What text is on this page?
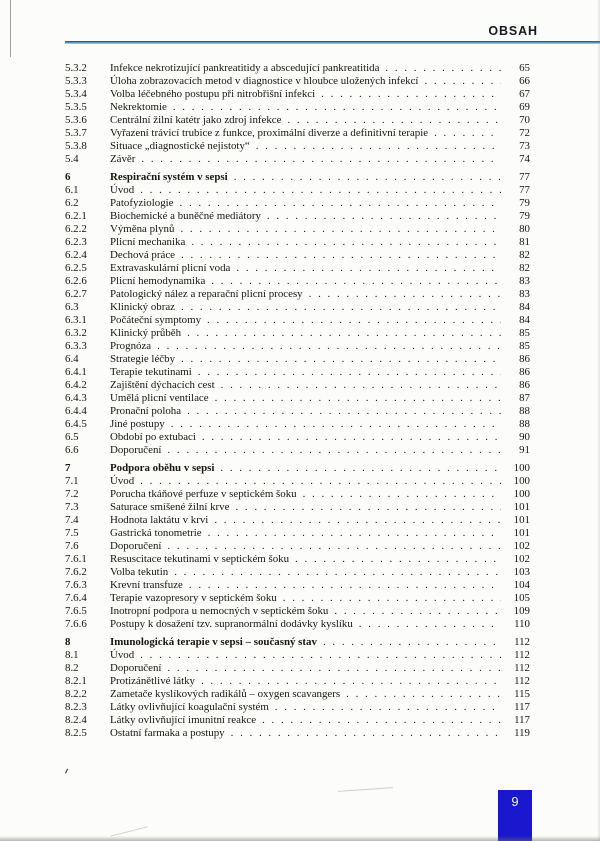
OBSAH
5.3.2	Infekce nekrotizující pankreatitidy a abscedující pankreatitida . . .	65
5.3.3	Úloha zobrazovacích metod v diagnostice v hloubce uložených infekcí . . .	66
5.3.4	Volba léčebného postupu při nitrobřišní infekci . . .	67
5.3.5	Nekrektomie . . .	69
5.3.6	Centrální žilní katétr jako zdroj infekce . . .	70
5.3.7	Vyřazení trávicí trubice z funkce, proximální diverze a definitivní terapie . . .	72
5.3.8	Situace „diagnostické nejistoty“ . . .	73
5.4	Závěr . . .	74
6	Respirační systém v sepsi . . .	77
6.1	Úvod . . .	77
6.2	Patofyziologie . . .	79
6.2.1	Biochemické a buněčné mediátory . . .	79
6.2.2	Výměna plynů . . .	80
6.2.3	Plicní mechanika . . .	81
6.2.4	Dechová práce . . .	82
6.2.5	Extravaskulární plicní voda . . .	82
6.2.6	Plicní hemodynamika . . .	83
6.2.7	Patologický nález a reparační plicní procesy . . .	83
6.3	Klinický obraz . . .	84
6.3.1	Počáteční symptomy . . .	84
6.3.2	Klinický průběh . . .	85
6.3.3	Prognóza . . .	85
6.4	Strategie léčby . . .	86
6.4.1	Terapie tekutinami . . .	86
6.4.2	Zajištění dýchacích cest . . .	86
6.4.3	Umělá plicní ventilace . . .	87
6.4.4	Pronační poloha . . .	88
6.4.5	Jiné postupy . . .	88
6.5	Období po extubaci . . .	90
6.6	Doporučení . . .	91
7	Podpora oběhu v sepsi . . .	100
7.1	Úvod . . .	100
7.2	Porucha tkáňové perfuze v septickém šoku . . .	100
7.3	Saturace smíšené žilní krve . . .	101
7.4	Hodnota laktátu v krvi . . .	101
7.5	Gastrická tonometrie . . .	101
7.6	Doporučení . . .	102
7.6.1	Resuscitace tekutinami v septickém šoku . . .	102
7.6.2	Volba tekutin . . .	103
7.6.3	Krevní transfuze . . .	104
7.6.4	Terapie vazopresory v septickém šoku . . .	105
7.6.5	Inotropní podpora u nemocných v septickém šoku . . .	109
7.6.6	Postupy k dosažení tzv. supranormální dodávky kyslíku . . .	110
8	Imunologická terapie v sepsi – současný stav . . .	112
8.1	Úvod . . .	112
8.2	Doporučení . . .	112
8.2.1	Protizánětlivé látky . . .	112
8.2.2	Zametače kyslíkových radikálů – oxygen scavangers . . .	115
8.2.3	Látky ovlivňující koagulační systém . . .	117
8.2.4	Látky ovlivňující imunitní reakce . . .	117
8.2.5	Ostatní farmaka a postupy . . .	119
9
